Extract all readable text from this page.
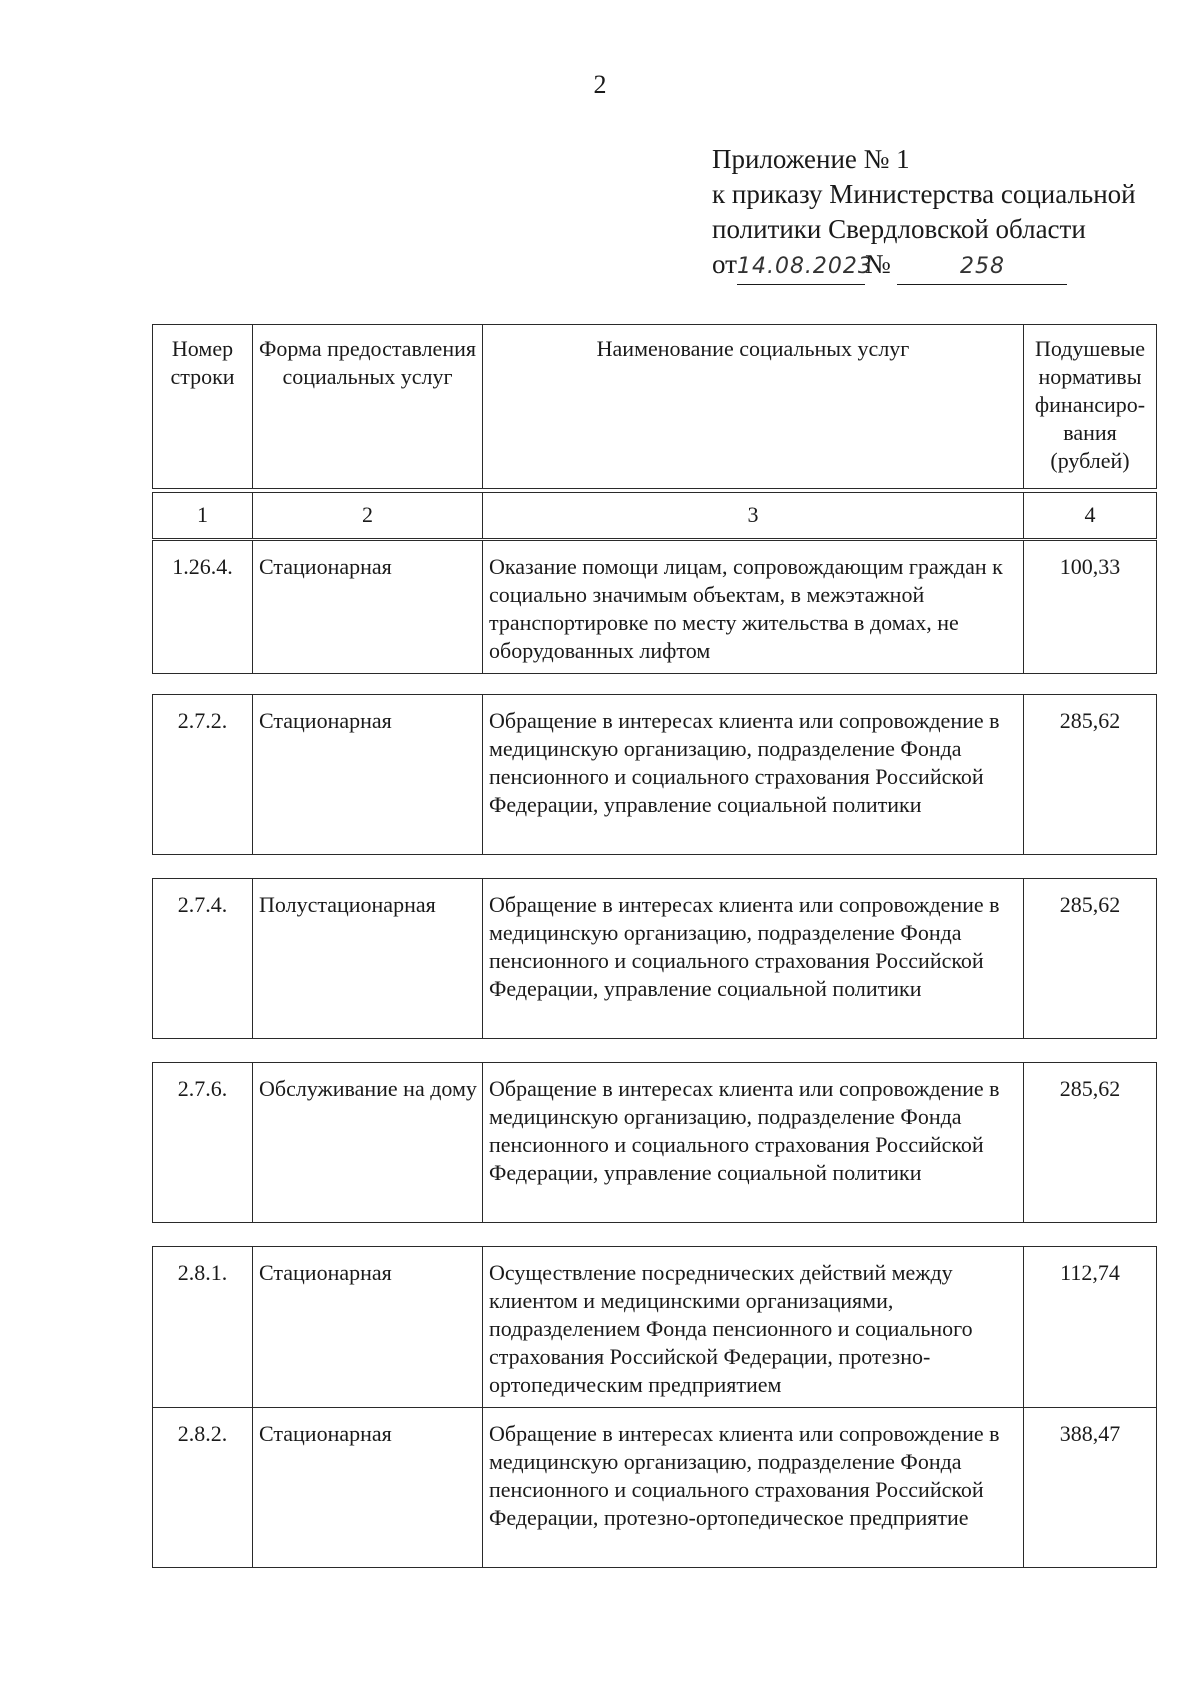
2
Приложение № 1
к приказу Министерства социальной
политики Свердловской области
от14.08.2023№	258
Номер строки	Форма предоставления социальных услуг	Наименование социальных услуг	Подушевые нормативы финансиро-вания (рублей)
1	2	3	4
1.26.4.	Стационарная	Оказание помощи лицам, сопровождающим граждан к социально значимым объектам, в межэтажной транспортировке по месту жительства в домах, не оборудованных лифтом	100,33
2.7.2.	Стационарная	Обращение в интересах клиента или сопровождение в медицинскую организацию, подразделение Фонда пенсионного и социального страхования Российской Федерации, управление социальной политики	285,62
2.7.4.	Полустационарная	Обращение в интересах клиента или сопровождение в медицинскую организацию, подразделение Фонда пенсионного и социального страхования Российской Федерации, управление социальной политики	285,62
2.7.6.	Обслуживание на дому	Обращение в интересах клиента или сопровождение в медицинскую организацию, подразделение Фонда пенсионного и социального страхования Российской Федерации, управление социальной политики	285,62
2.8.1.	Стационарная	Осуществление посреднических действий между клиентом и медицинскими организациями, подразделением Фонда пенсионного и социального страхования Российской Федерации, протезно-ортопедическим предприятием	112,74
2.8.2.	Стационарная	Обращение в интересах клиента или сопровождение в медицинскую организацию, подразделение Фонда пенсионного и социального страхования Российской Федерации, протезно-ортопедическое предприятие	388,47
